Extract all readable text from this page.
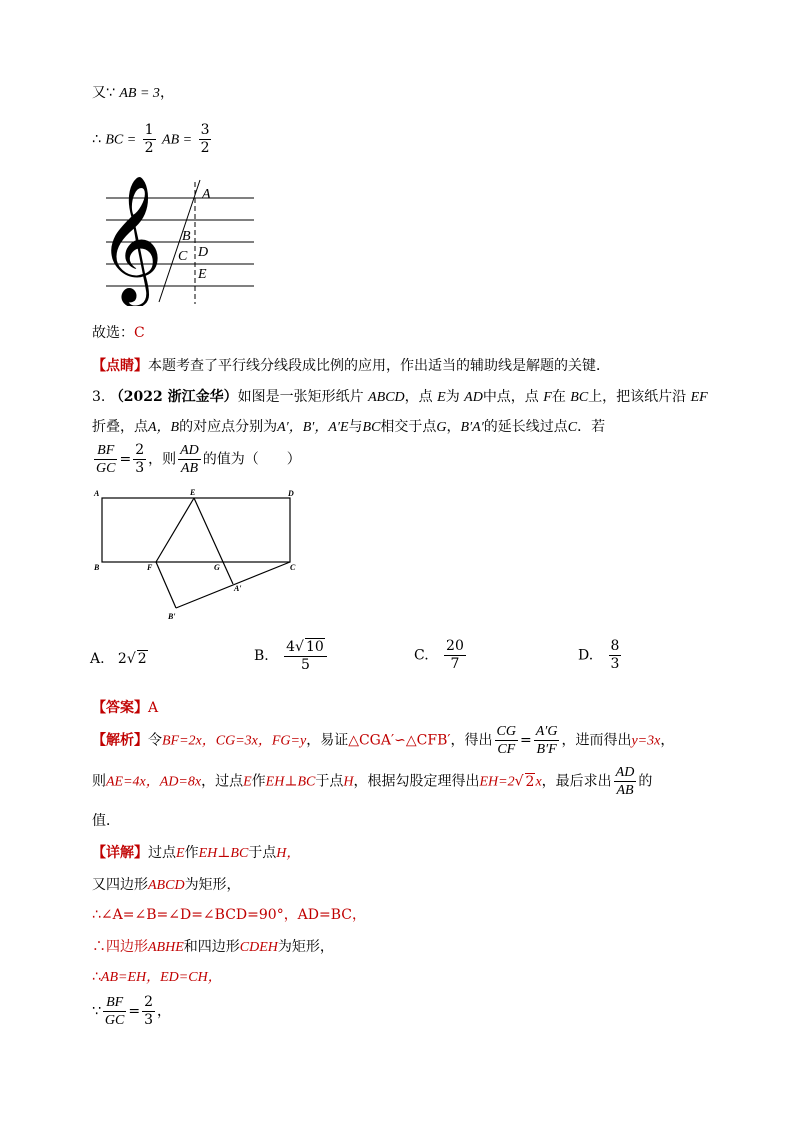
又∵ AB = 3，
∴ BC = $\frac{1}{2}$ AB = $\frac{3}{2}$
𝄞	A
B
C D
E
故选：C
【点睛】本题考查了平行线分线段成比例的应用，作出适当的辅助线是解题的关键．
3. （2022 浙江金华）如图是一张矩形纸片 ABCD，点 E为 AD中点，点 F在 BC上，把该纸片沿 EF
折叠，点A，B的对应点分别为A′，B′，A′E与BC相交于点G，B′A′的延长线过点C．若
$\frac{BF}{GC} = \frac{2}{3}$ ，则 $\frac{AD}{AB}$ 的值为（　　）
A	E	D
B	F	G	C
A′
B′
A. 2√ 2	B. $\frac{4√ 10}{5}$	C. $\frac{20}{7}$	D. $\frac{8}{3}$
【答案】A
【解析】令BF=2x，CG=3x，FG=y，易证△CGA′∽△CFB′，得出 $\frac{CG}{CF} = \frac{A'G}{B'F}$ ，进而得出y=3x，
则AE=4x，AD=8x，过点E作EH⊥BC于点H，根据勾股定理得出EH=2√ 2x，最后求出 $\frac{AD}{AB}$ 的
值．
【详解】过点E作EH⊥BC于点H，
又四边形ABCD为矩形，
∴∠A=∠B=∠D=∠BCD=90°，AD=BC，
∴四边形ABHE和四边形CDEH为矩形，
∴AB=EH，ED=CH，
∵ $\frac{BF}{GC} = \frac{2}{3}$ ，
